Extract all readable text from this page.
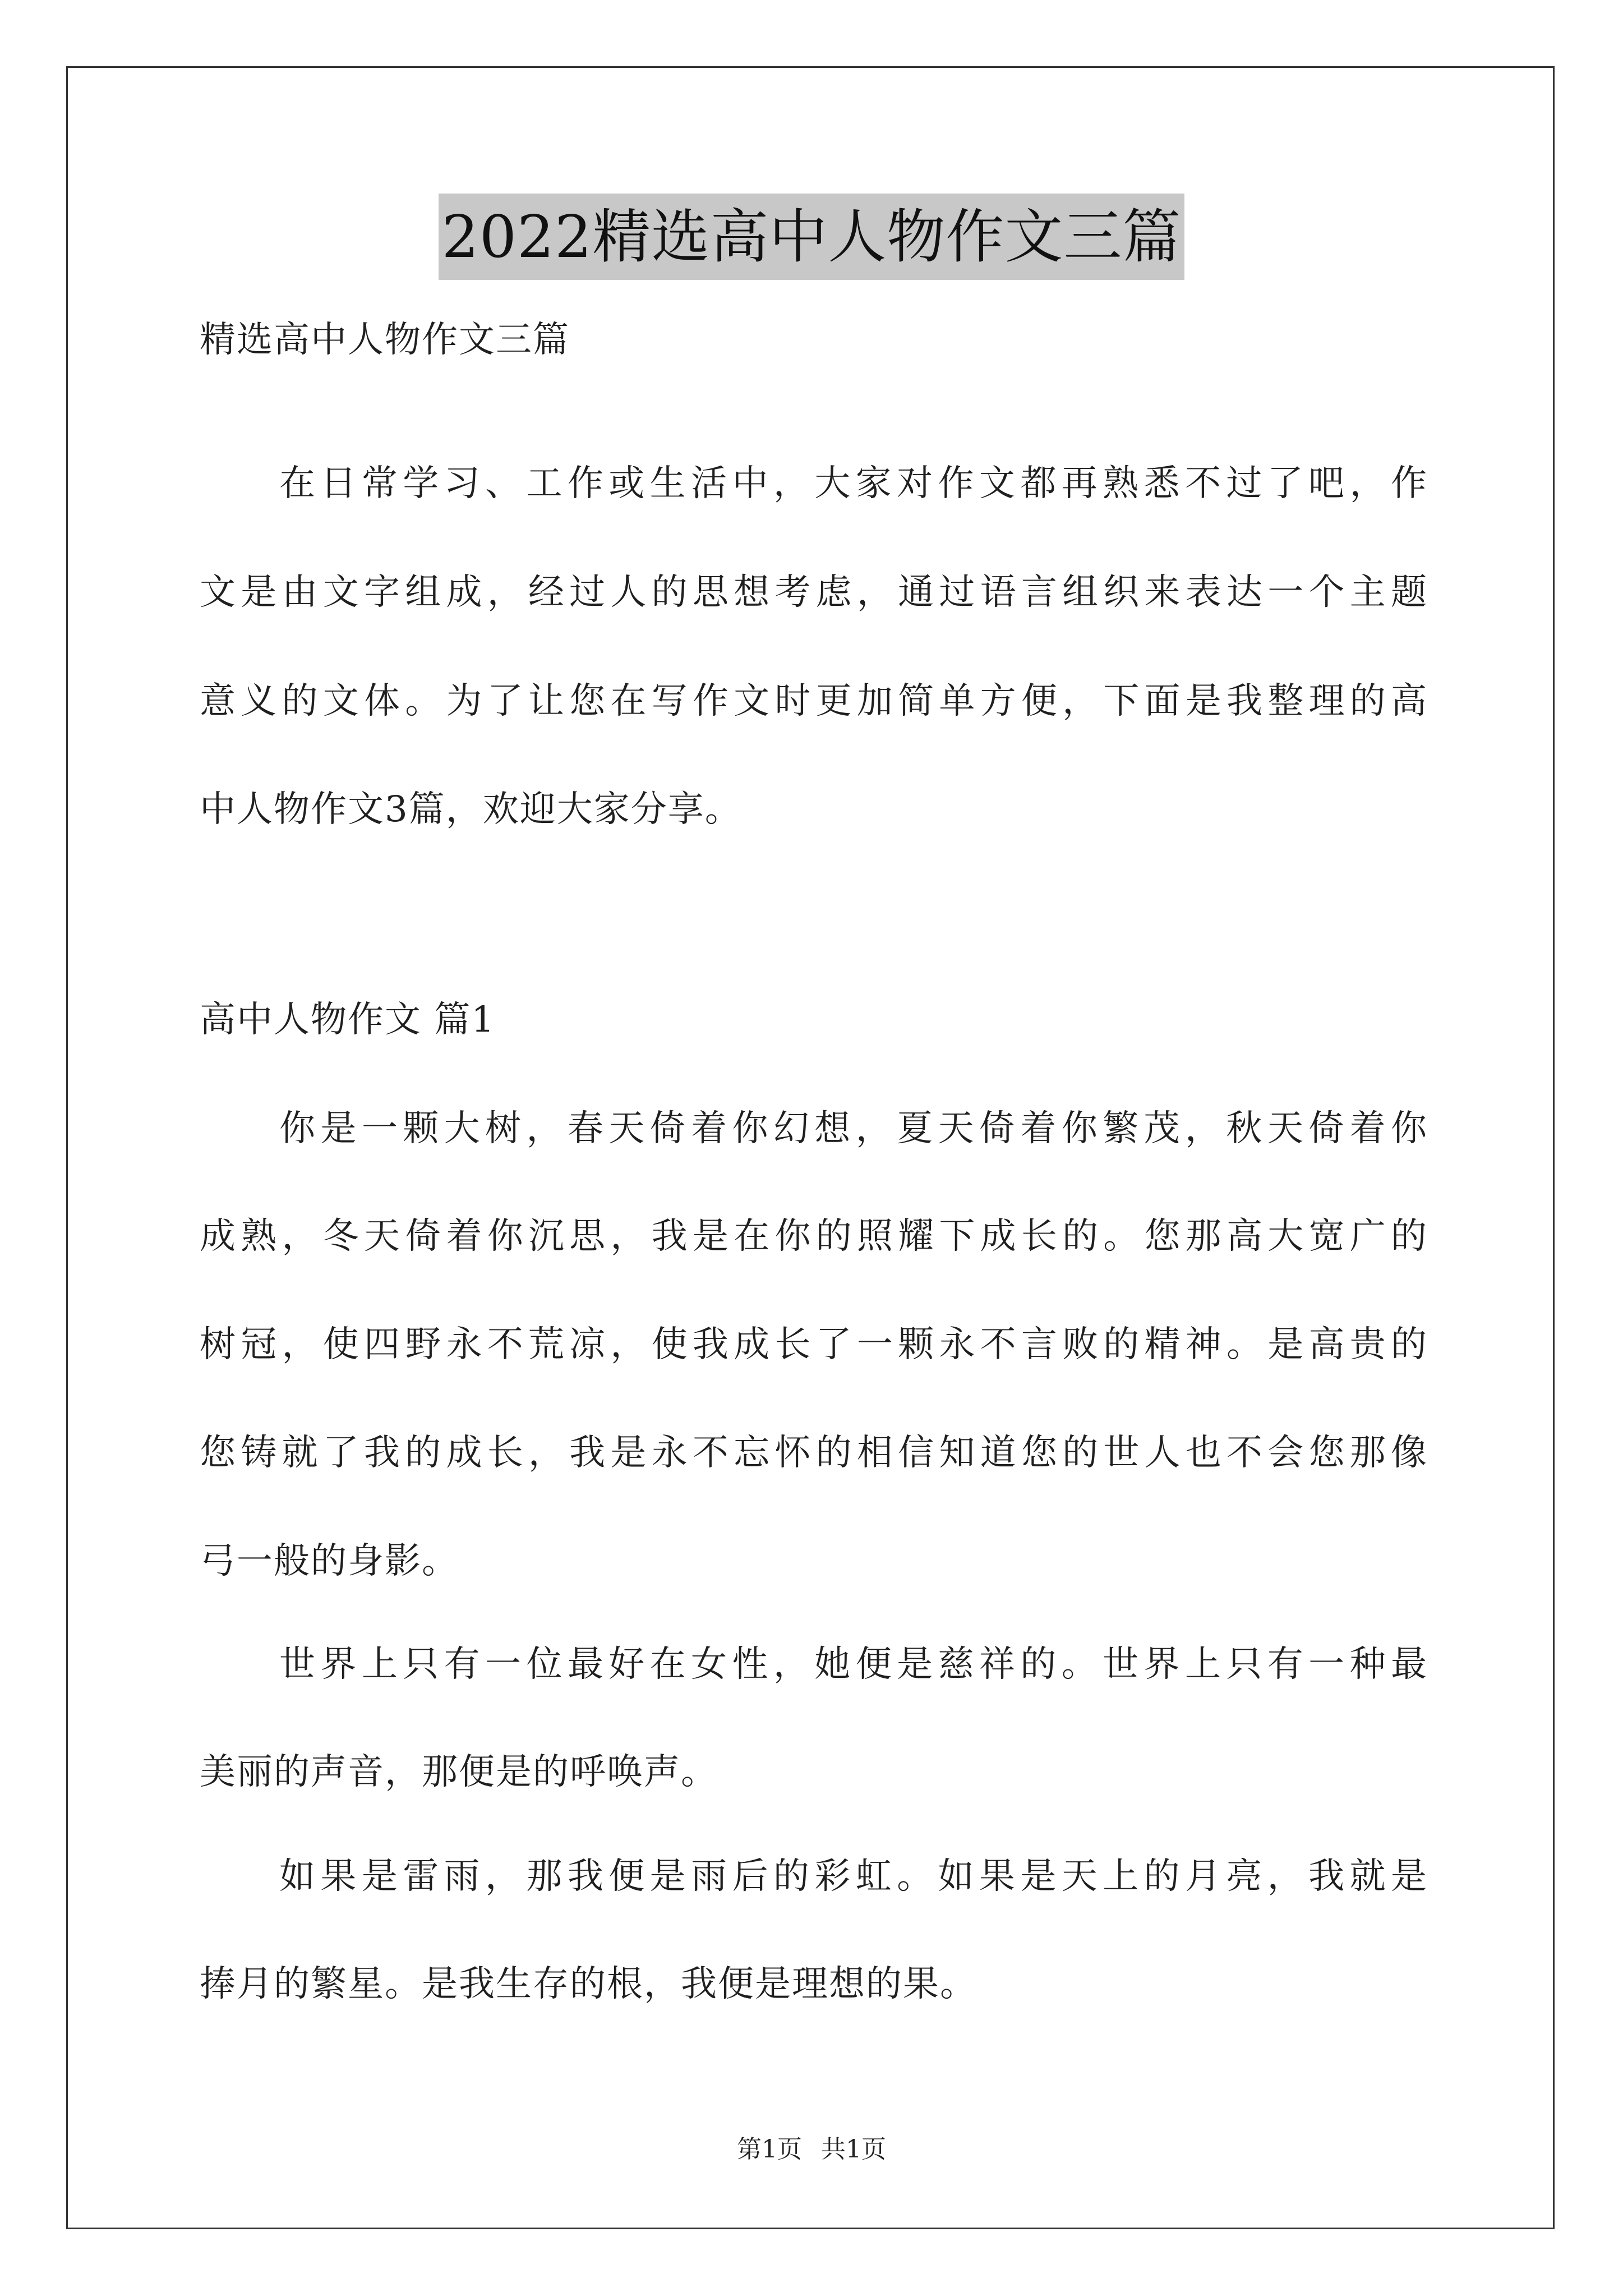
2022精选高中人物作文三篇
精选高中人物作文三篇
在日常学习、工作或生活中，大家对作文都再熟悉不过了吧，作
文是由文字组成，经过人的思想考虑，通过语言组织来表达一个主题
意义的文体。为了让您在写作文时更加简单方便，下面是我整理的高
中人物作文3篇，欢迎大家分享。
高中人物作文 篇1
你是一颗大树，春天倚着你幻想，夏天倚着你繁茂，秋天倚着你
成熟，冬天倚着你沉思，我是在你的照耀下成长的。您那高大宽广的
树冠，使四野永不荒凉，使我成长了一颗永不言败的精神。是高贵的
您铸就了我的成长，我是永不忘怀的相信知道您的世人也不会您那像
弓一般的身影。
世界上只有一位最好在女性，她便是慈祥的。世界上只有一种最
美丽的声音，那便是的呼唤声。
如果是雷雨，那我便是雨后的彩虹。如果是天上的月亮，我就是
捧月的繁星。是我生存的根，我便是理想的果。
第1页 共1页
